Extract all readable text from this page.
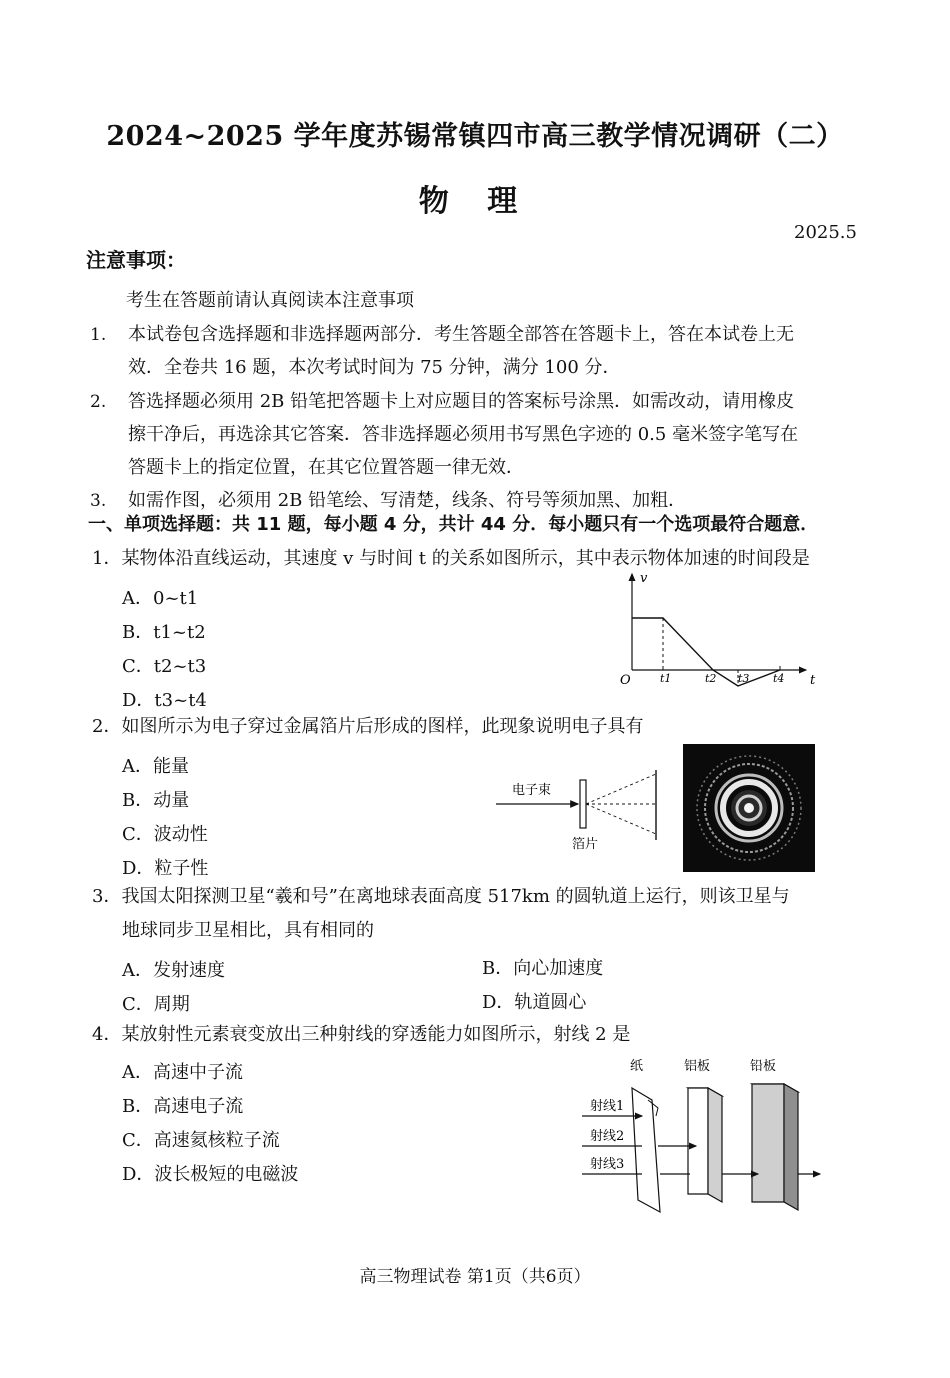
2024~2025 学年度苏锡常镇四市高三教学情况调研（二）
物 理
2025.5
注意事项：
考生在答题前请认真阅读本注意事项
1. 本试卷包含选择题和非选择题两部分．考生答题全部答在答题卡上，答在本试卷上无
效．全卷共 16 题，本次考试时间为 75 分钟，满分 100 分．
2. 答选择题必须用 2B 铅笔把答题卡上对应题目的答案标号涂黑．如需改动，请用橡皮
擦干净后，再选涂其它答案．答非选择题必须用书写黑色字迹的 0.5 毫米签字笔写在
答题卡上的指定位置，在其它位置答题一律无效．
3. 如需作图，必须用 2B 铅笔绘、写清楚，线条、符号等须加黑、加粗．
一、单项选择题：共 11 题，每小题 4 分，共计 44 分．每小题只有一个选项最符合题意．
1．某物体沿直线运动，其速度 v 与时间 t 的关系如图所示，其中表示物体加速的时间段是
A．0~t1
B．t1~t2
C．t2~t3
D．t3~t4
v
t
O	t1	t2 t3 t4
2．如图所示为电子穿过金属箔片后形成的图样，此现象说明电子具有
A．能量
B．动量
C．波动性
D．粒子性
电子束
箔片
3．我国太阳探测卫星“羲和号”在离地球表面高度 517km 的圆轨道上运行，则该卫星与
地球同步卫星相比，具有相同的
A．发射速度	B．向心加速度
C．周期	D．轨道圆心
4．某放射性元素衰变放出三种射线的穿透能力如图所示，射线 2 是
A．高速中子流
B．高速电子流
C．高速氦核粒子流
D．波长极短的电磁波
纸	铝板	铅板
射线1
射线2
射线3
高三物理试卷 第1页（共6页）
